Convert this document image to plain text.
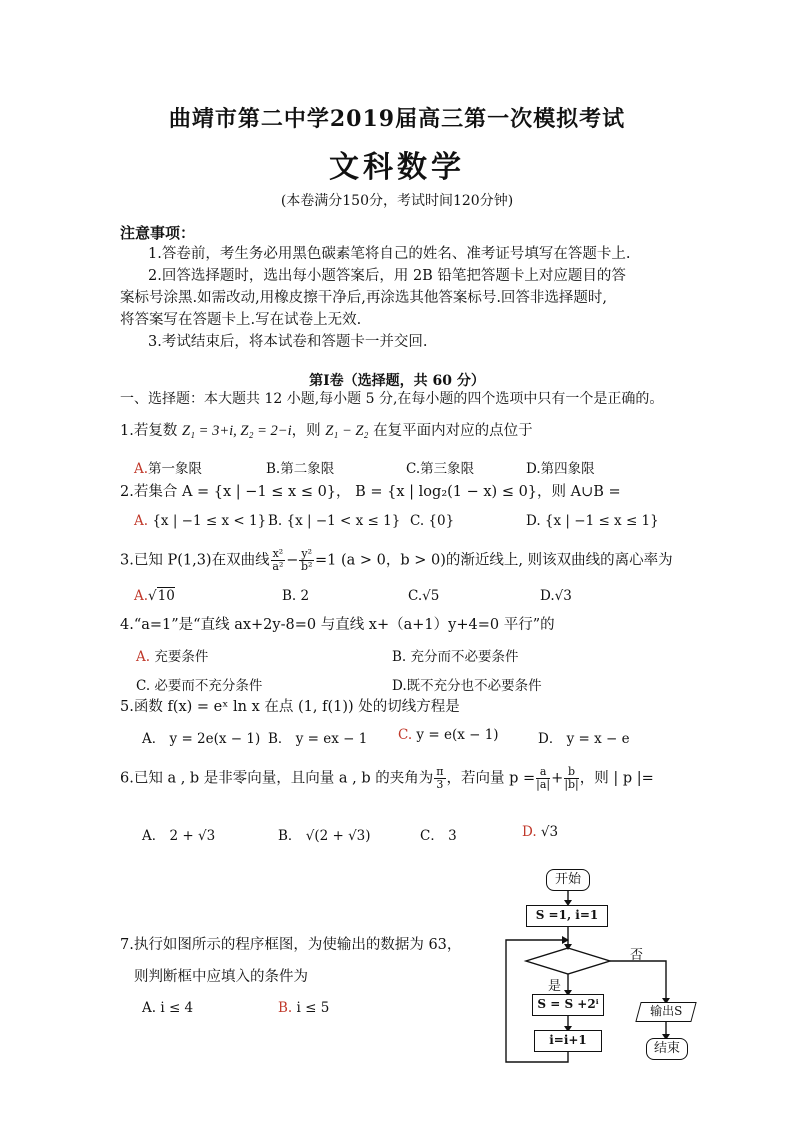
曲靖市第二中学2019届高三第一次模拟考试
文科数学
(本卷满分150分，考试时间120分钟)
注意事项：
1.答卷前，考生务必用黑色碳素笔将自己的姓名、准考证号填写在答题卡上.
2.回答选择题时，选出每小题答案后，用 2B 铅笔把答题卡上对应题目的答
案标号涂黑.如需改动,用橡皮擦干净后,再涂选其他答案标号.回答非选择题时,
将答案写在答题卡上.写在试卷上无效.
3.考试结束后，将本试卷和答题卡一并交回.
第Ⅰ卷（选择题，共 60 分）
一、选择题：本大题共 12 小题,每小题 5 分,在每小题的四个选项中只有一个是正确的。
1.若复数 Z₁ = 3+i, Z₂ = 2−i，则 Z₁ − Z₂ 在复平面内对应的点位于
A.第一象限	B.第二象限	C.第三象限	D.第四象限
2.若集合 A = {x | −1 ≤ x ≤ 0}， B = {x | log₂(1 − x) ≤ 0}，则 A∪B =
A. {x | −1 ≤ x < 1} B. {x | −1 < x ≤ 1} C. {0}	D. {x | −1 ≤ x ≤ 1}
3.已知 P(1,3)在双曲线 $\frac{\text{x²}}{\text{a²}} - \frac{\text{y²}}{\text{b²}} =1$ (a > 0，b > 0)的渐近线上, 则该双曲线的离心率为
A.√10	B. 2	C.√5	D.√3
4.“a=1”是“直线 ax+2y-8=0 与直线 x+（a+1）y+4=0 平行”的
A. 充要条件	B. 充分而不必要条件
C. 必要而不充分条件	D.既不充分也不必要条件
5.函数 f(x) = eˣ ln x 在点 (1, f(1)) 处的切线方程是
A． y = 2e(x − 1) B． y = ex − 1 C. y = e(x − 1)	D． y = x − e
6.已知 a , b 是非零向量，且向量 a , b 的夹角为 $\frac{\pi}{3}$ ，若向量 $p = \frac{a}{|a|} + \frac{b}{|b|}$ ，则 | p |=
A． 2 + √3	B． √(2 + √3)	C． 3	D. √3
7.执行如图所示的程序框图，为使输出的数据为 63，
则判断框中应填入的条件为
A. i ≤ 4	B. i ≤ 5
开始
S =1, i=1
否
是
S = S +2ⁱ
i=i+1
输出S
结束
